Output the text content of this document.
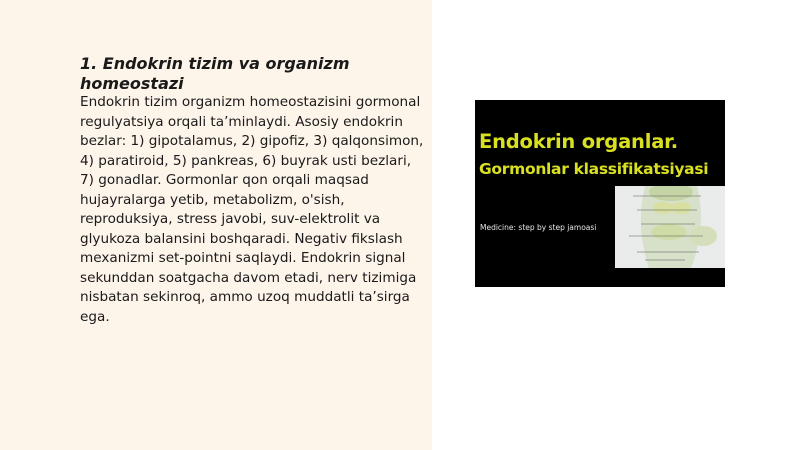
1. Endokrin tizim va organizm homeostazi

Endokrin tizim organizm homeostazisini gormonal regulyatsiya orqali ta’minlaydi. Asosiy endokrin bezlar: 1) gipotalamus, 2) gipofiz, 3) qalqonsimon, 4) paratiroid, 5) pankreas, 6) buyrak usti bezlari, 7) gonadlar. Gormonlar qon orqali maqsad hujayralarga yetib, metabolizm, o'sish, reproduksiya, stress javobi, suv-elektrolit va glyukoza balansini boshqaradi. Negativ fikslash mexanizmi set-pointni saqlaydi. Endokrin signal sekunddan soatgacha davom etadi, nerv tizimiga nisbatan sekinroq, ammo uzoq muddatli ta’sirga ega.

Endokrin organlar.
Gormonlar klassifikatsiyasi
Medicine: step by step jamoasi
